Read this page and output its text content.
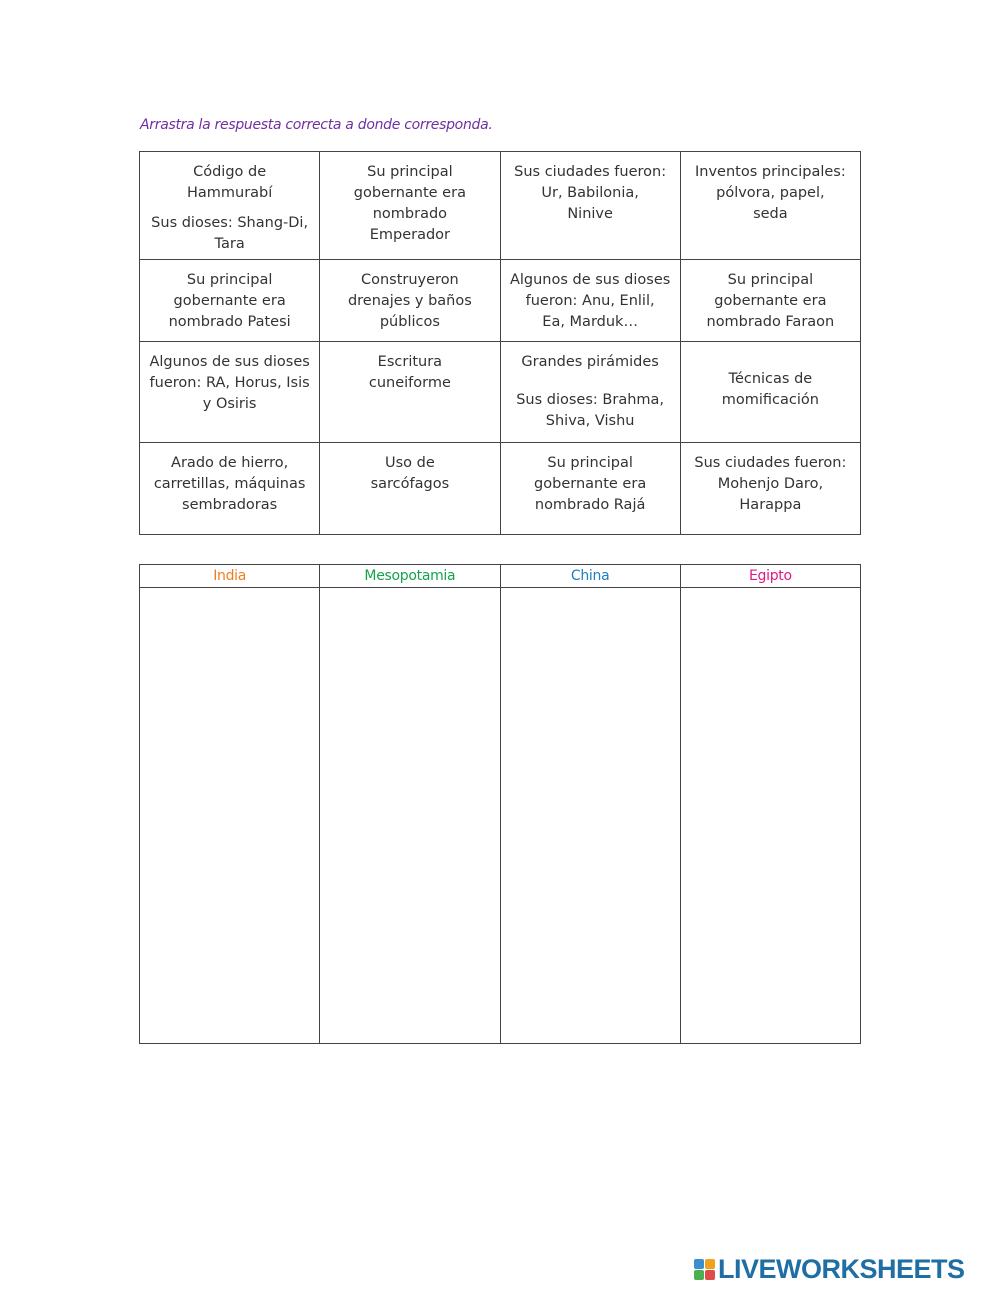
Arrastra la respuesta correcta a donde corresponda.
Código de
Hammurabí
Sus dioses: Shang-Di,
Tara	Su principal
gobernante era
nombrado
Emperador	Sus ciudades fueron:
Ur, Babilonia,
Ninive	Inventos principales:
pólvora, papel,
seda

Su principal
gobernante era
nombrado Patesi	Construyeron
drenajes y baños
públicos	Algunos de sus dioses
fueron: Anu, Enlil,
Ea, Marduk…	Su principal
gobernante era
nombrado Faraon

Algunos de sus dioses
fueron: RA, Horus, Isis
y Osiris	Escritura
cuneiforme	Grandes pirámides
Sus dioses: Brahma,
Shiva, Vishu	Técnicas de
momificación

Arado de hierro,
carretillas, máquinas
sembradoras	Uso de
sarcófagos	Su principal
gobernante era
nombrado Rajá	Sus ciudades fueron:
Mohenjo Daro,
Harappa
India	Mesopotamia	China	Egipto

LIVEWORKSHEETS
